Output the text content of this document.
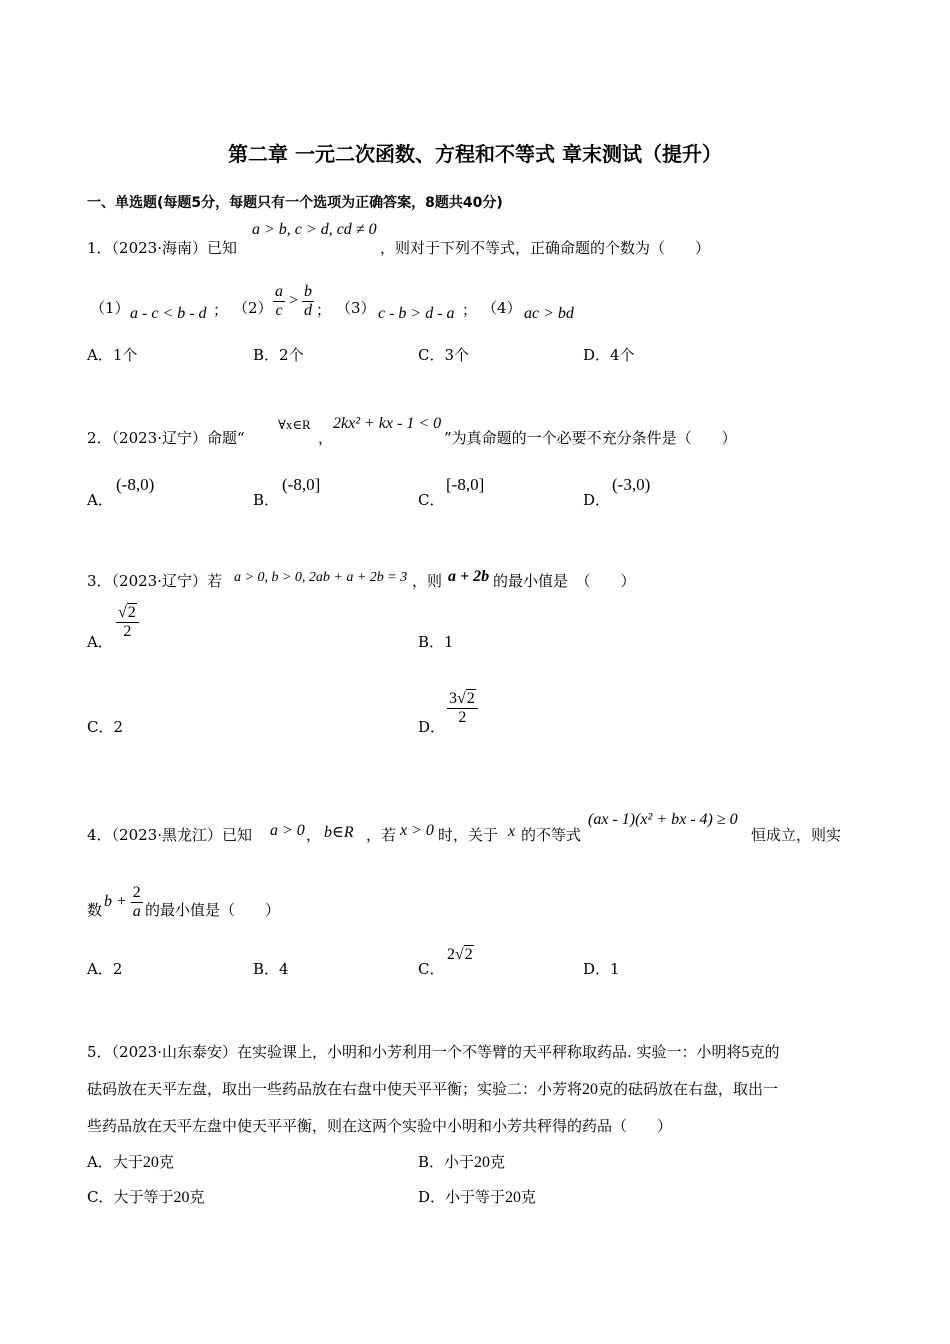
第二章 一元二次函数、方程和不等式 章末测试（提升）
一、单选题(每题5分，每题只有一个选项为正确答案，8题共40分)
1．（2023·海南）已知
a > b, c > d, cd ≠ 0
，则对于下列不等式，正确命题的个数为（　　）
（1） a - c < b - d ； $(2) \frac{a}{c} > \frac{b}{d}$ ； （3） c - b > d - a ； （4） ac > bd
A．1个	B．2个	C．3个	D．4个
2．（2023·辽宁）命题“
∀x∈R
，
2kx² + kx - 1 < 0
”为真命题的一个必要不充分条件是（　　）
A．
(-8,0)
B．
(-8,0]
C．
[-8,0]
D．
(-3,0)
3．（2023·辽宁）若 a > 0, b > 0, 2ab + a + 2b = 3 ，则 a + 2b 的最小值是　（　　）
A．
$\frac{√2}{2}$
B．1
C．2	D． $\frac{3√2}{2}$
4．（2023·黑龙江）已知 a > 0 ， b∈R ，若 x > 0 时，关于 x 的不等式
(ax - 1)(x² + bx - 4) ≥ 0
恒成立，则实
数 $b + \frac{2}{a}$ 的最小值是（　　）
A．2	B．4	C．
2√2
D．1
5．（2023·山东泰安）在实验课上，小明和小芳利用一个不等臂的天平秤称取药品. 实验一：小明将5克的
砝码放在天平左盘，取出一些药品放在右盘中使天平平衡；实验二：小芳将20克的砝码放在右盘，取出一
些药品放在天平左盘中使天平平衡，则在这两个实验中小明和小芳共秤得的药品（　　）
A．大于20克	B．小于20克
C．大于等于20克	D．小于等于20克
